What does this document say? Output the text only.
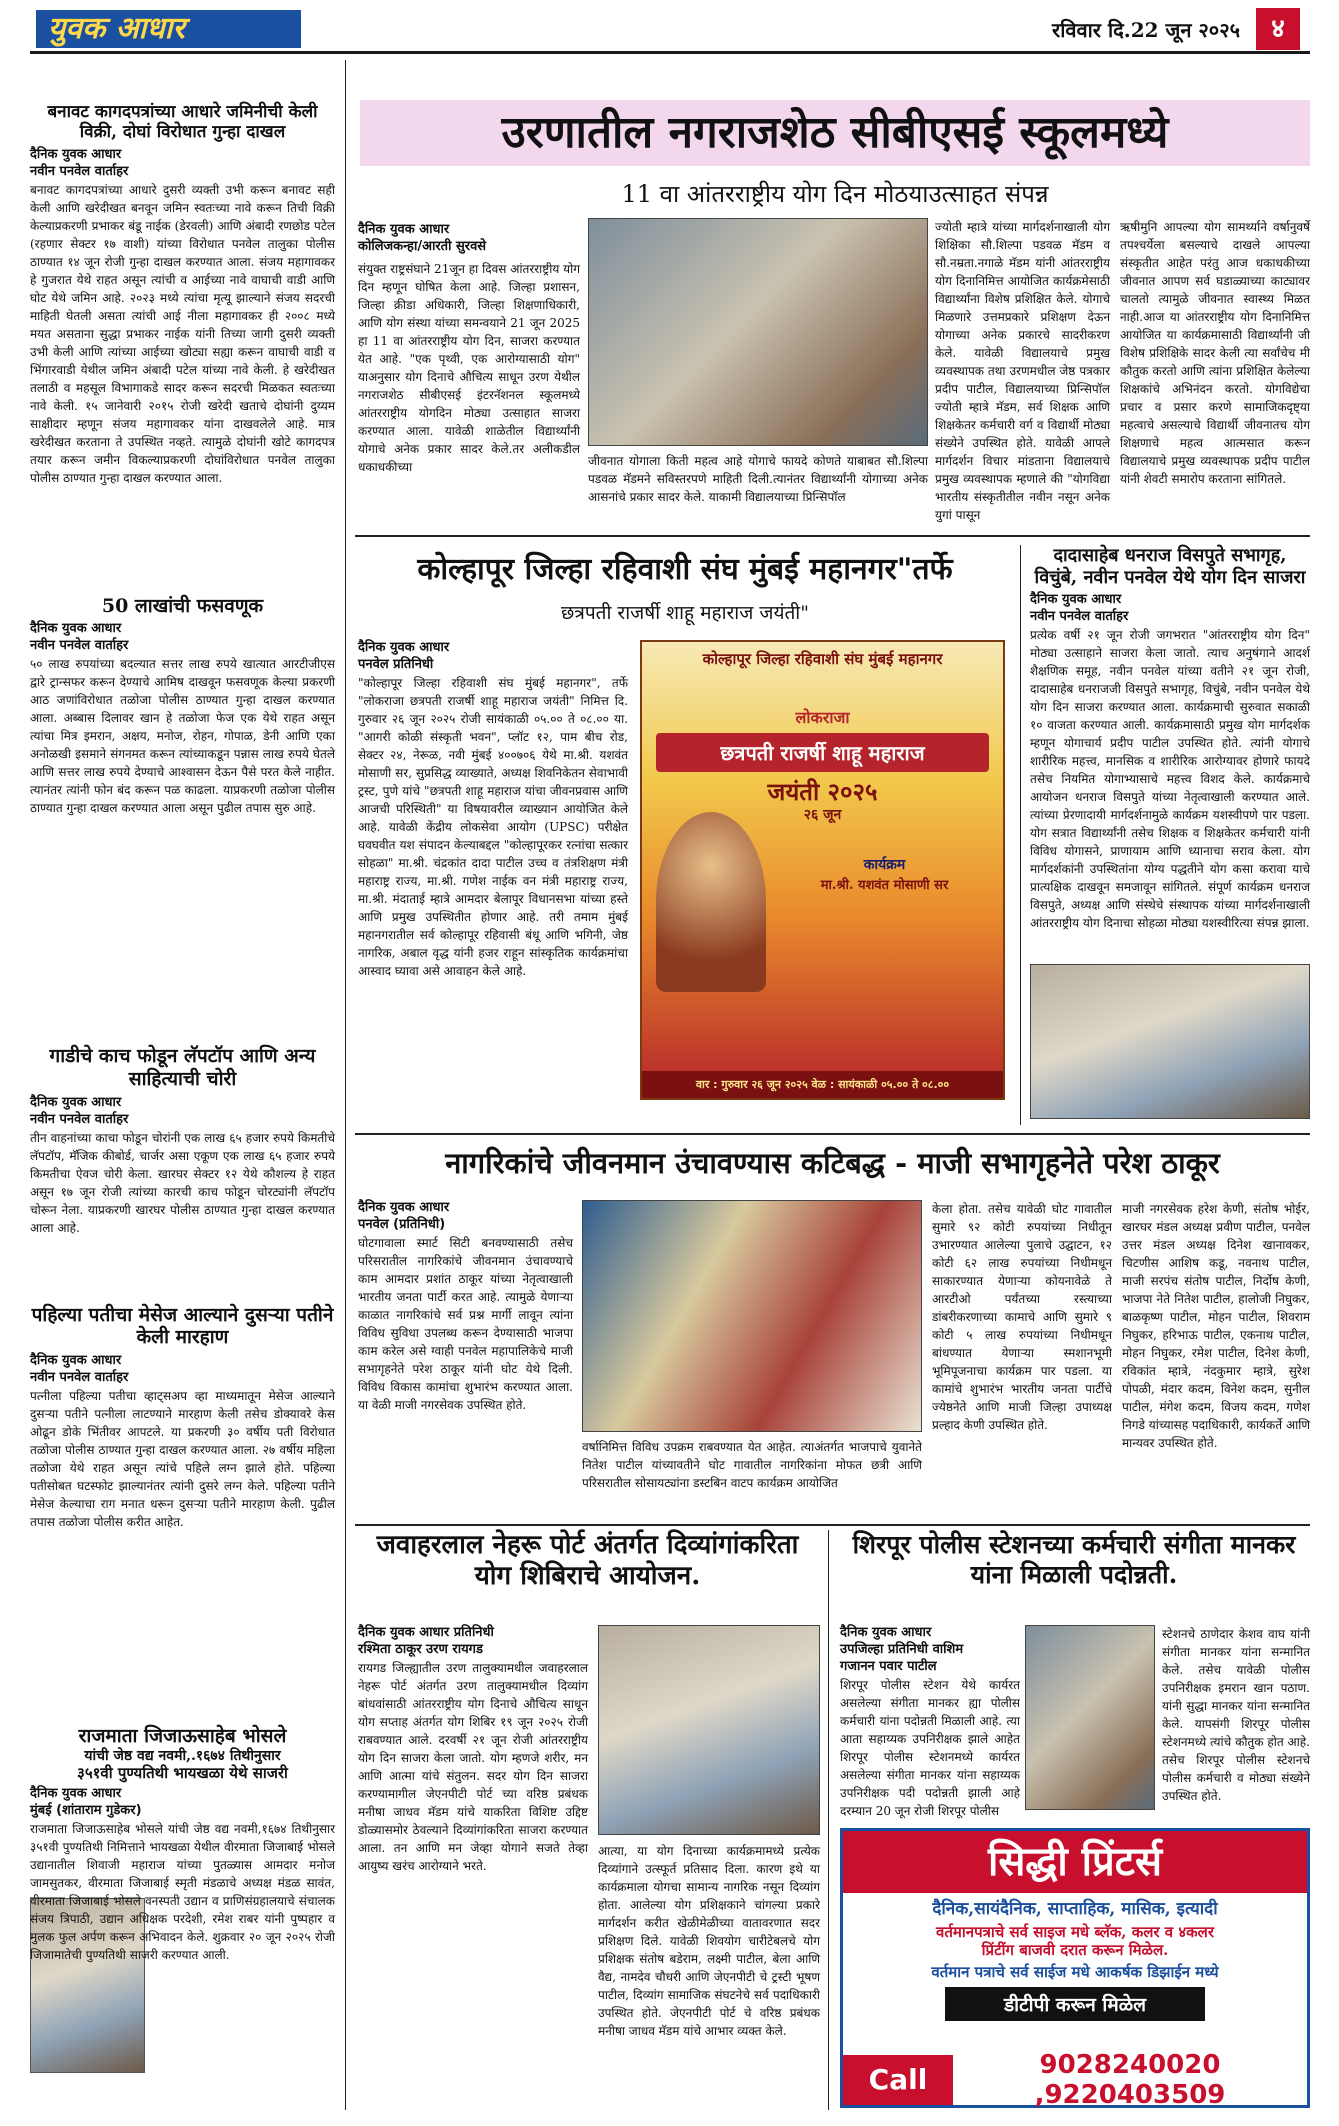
युवक आधार	रविवार दि.22 जून २०२५	४
बनावट कागदपत्रांच्या आधारे जमिनीची केली विक्री, दोघां विरोधात गुन्हा दाखल
दैनिक युवक आधार
नवीन पनवेल वार्ताहर
बनावट कागदपत्रांच्या आधारे दुसरी व्यक्ती उभी करून बनावट सही केली आणि खरेदीखत बनवून जमिन स्वतःच्या नावे करून तिची विक्री केल्याप्रकरणी प्रभाकर बंडू नाईक (डेरवली) आणि अंबादी रणछोड पटेल (रहणार सेक्टर १७ वाशी) यांच्या विरोधात पनवेल तालुका पोलीस ठाण्यात १४ जून रोजी गुन्हा दाखल करण्यात आला. संजय महागावकर हे गुजरात येथे राहत असून त्यांची व आईच्या नावे वाघाची वाडी आणि घोट येथे जमिन आहे. २०२३ मध्ये त्यांचा मृत्यू झाल्याने संजय सदरची माहिती घेतली असता त्यांची आई नीला महागावकर ही २००८ मध्ये मयत असताना सुद्धा प्रभाकर नाईक यांनी तिच्या जागी दुसरी व्यक्ती उभी केली आणि त्यांच्या आईच्या खोट्या सह्या करून वाघाची वाडी व भिंगारवाडी येथील जमिन अंबादी पटेल यांच्या नावे केली. हे खरेदीखत तलाठी व महसूल विभागाकडे सादर करून सदरची मिळकत स्वतःच्या नावे केली. १५ जानेवारी २०१५ रोजी खरेदी खताचे दोघांनी दुय्यम साक्षीदार म्हणून संजय महागावकर यांना दाखवलेले आहे. मात्र खरेदीखत करताना ते उपस्थित नव्हते. त्यामुळे दोघांनी खोटे कागदपत्र तयार करून जमीन विकल्याप्रकरणी दोघांविरोधात पनवेल तालुका पोलीस ठाण्यात गुन्हा दाखल करण्यात आला.
50 लाखांची फसवणूक
दैनिक युवक आधार
नवीन पनवेल वार्ताहर
५० लाख रुपयांच्या बदल्यात सत्तर लाख रुपये खात्यात आरटीजीएस द्वारे ट्रान्सफर करून देण्याचे आमिष दाखवून फसवणूक केल्या प्रकरणी आठ जणांविरोधात तळोजा पोलीस ठाण्यात गुन्हा दाखल करण्यात आला. अब्बास दिलावर खान हे तळोजा फेज एक येथे राहत असून त्यांचा मित्र इमरान, अक्षय, मनोज, रोहन, गोपाळ, डेनी आणि एका अनोळखी इसमाने संगनमत करून त्यांच्याकडून पन्नास लाख रुपये घेतले आणि सत्तर लाख रुपये देण्याचे आश्वासन देऊन पैसे परत केले नाहीत. त्यानंतर त्यांनी फोन बंद करून पळ काढला. याप्रकरणी तळोजा पोलीस ठाण्यात गुन्हा दाखल करण्यात आला असून पुढील तपास सुरु आहे.
गाडीचे काच फोडून लॅपटॉप आणि अन्य साहित्याची चोरी
दैनिक युवक आधार
नवीन पनवेल वार्ताहर
तीन वाहनांच्या काचा फोडून चोरांनी एक लाख ६५ हजार रुपये किमतीचे लॅपटॉप, मॅजिक कीबोर्ड, चार्जर असा एकूण एक लाख ६५ हजार रुपये किमतीचा ऐवज चोरी केला. खारघर सेक्टर १२ येथे कौशल्य हे राहत असून १७ जून रोजी त्यांच्या कारची काच फोडून चोरट्यांनी लॅपटॉप चोरून नेला. याप्रकरणी खारघर पोलीस ठाण्यात गुन्हा दाखल करण्यात आला आहे.
पहिल्या पतीचा मेसेज आल्याने दुसऱ्या पतीने केली मारहाण
दैनिक युवक आधार
नवीन पनवेल वार्ताहर
पत्नीला पहिल्या पतीचा व्हाट्सअप व्हा माध्यमातून मेसेज आल्याने दुसऱ्या पतीने पत्नीला लाटण्याने मारहाण केली तसेच डोक्यावरे केस ओढून डोके भिंतीवर आपटले. या प्रकरणी ३० वर्षीय पती विरोधात तळोजा पोलीस ठाण्यात गुन्हा दाखल करण्यात आला. २७ वर्षीय महिला तळोजा येथे राहत असून त्यांचे पहिले लग्न झाले होते. पहिल्या पतीसोबत घटस्फोट झाल्यानंतर त्यांनी दुसरे लग्न केले. पहिल्या पतीने मेसेज केल्याचा राग मनात धरून दुसऱ्या पतीने मारहाण केली. पुढील तपास तळोजा पोलीस करीत आहेत.
राजमाता जिजाऊसाहेब भोसले
यांची जेष्ठ वद्य नवमी,.१६७४ तिथीनुसार
३५१वी पुण्यतिथी भायखळा येथे साजरी
दैनिक युवक आधार
मुंबई (शांताराम गुडेकर)
राजमाता जिजाऊसाहेब भोसले यांची जेष्ठ वद्य नवमी,१६७४ तिथीनुसार ३५१वी पुण्यतिथी निमित्ताने भायखळा येथील वीरमाता जिजाबाई भोसले उद्यानातील शिवाजी महाराज यांच्या पुतळ्यास आमदार मनोज जामसुतकर, वीरमाता जिजाबाई स्मृती मंडळाचे अध्यक्ष मंडळ सावंत, वीरमाता जिजाबाई भोसले वनस्पती उद्यान व प्राणिसंग्रहालयाचे संचालक संजय त्रिपाठी, उद्यान अधिक्षक परदेशी, रमेश राबर यांनी पुष्पहार व मुलक फुल अर्पण करून अभिवादन केले. शुक्रवार २० जून २०२५ रोजी जिजामातेची पुण्यतिथी साजरी करण्यात आली.
उरणातील नगराजशेठ सीबीएसई स्कूलमध्ये
11 वा आंतरराष्ट्रीय योग दिन मोठयाउत्साहत संपन्न
दैनिक युवक आधार
कोलिजकन्हा/आरती सुरवसे
संयुक्त राष्ट्रसंघाने 21जून हा दिवस आंतरराष्ट्रीय योग दिन म्हणून घोषित केला आहे. जिल्हा प्रशासन, जिल्हा क्रीडा अधिकारी, जिल्हा शिक्षणाधिकारी, आणि योग संस्था यांच्या समन्वयाने 21 जून 2025 हा 11 वा आंतरराष्ट्रीय योग दिन, साजरा करण्यात येत आहे. "एक पृथ्वी, एक आरोग्यासाठी योग" याअनुसार योग दिनाचे औचित्य साधून उरण येथील नगराजशेठ सीबीएसई इंटरनॅशनल स्कूलमध्ये आंतरराष्ट्रीय योगदिन मोठ्या उत्साहात साजरा करण्यात आला. यावेळी शाळेतील विद्यार्थ्यांनी योगाचे अनेक प्रकार सादर केले.तर अलीकडील धकाधकीच्या	जीवनात योगाला किती महत्व आहे योगाचे फायदे कोणते याबाबत सौ.शिल्पा पडवळ मॅडमने सविस्तरपणे माहिती दिली.त्यानंतर विद्यार्थ्यांनी योगाच्या अनेक आसनांचे प्रकार सादर केले. याकामी विद्यालयाच्या प्रिन्सिपॉल
ज्योती म्हात्रे यांच्या मार्गदर्शनाखाली योग शिक्षिका सौ.शिल्पा पडवळ मॅडम व सौ.नम्रता.नगाळे मॅडम यांनी आंतरराष्ट्रीय योग दिनानिमित्त आयोजित कार्यक्रमेसाठी विद्यार्थ्यांना विशेष प्रशिक्षित केले. योगाचे मिळणारे उत्तमप्रकारे प्रशिक्षण देऊन योगाच्या अनेक प्रकारचे सादरीकरण केले. यावेळी विद्यालयाचे प्रमुख व्यवस्थापक तथा उरणमधील जेष्ठ पत्रकार प्रदीप पाटील, विद्यालयाच्या प्रिन्सिपॉल ज्योती म्हात्रे मॅडम, सर्व शिक्षक आणि शिक्षकेतर कर्मचारी वर्ग व विद्यार्थी मोठ्या संख्येने उपस्थित होते. यावेळी आपले मार्गदर्शन विचार मांडताना विद्यालयाचे प्रमुख व्यवस्थापक म्हणाले की "योगविद्या भारतीय संस्कृतीतील नवीन नसून अनेक युगां पासून
ऋषीमुनि आपल्या योग सामर्थ्याने वर्षानुवर्षे तपश्चर्येला बसल्याचे दाखले आपल्या संस्कृतीत आहेत परंतु आज धकाधकीच्या जीवनात आपण सर्व घडाळ्याच्या काट्यावर चालतो त्यामुळे जीवनात स्वास्थ्य मिळत नाही.आज या आंतरराष्ट्रीय योग दिनानिमित्त आयोजित या कार्यक्रमासाठी विद्यार्थ्यांनी जी विशेष प्रशिक्षिके सादर केली त्या सर्वांचेच मी कौतुक करतो आणि त्यांना प्रशिक्षित केलेल्या शिक्षकांचे अभिनंदन करतो. योगविद्येचा प्रचार व प्रसार करणे सामाजिकदृष्ट्या महत्वाचे असल्याचे विद्यार्थी जीवनातच योग शिक्षणाचे महत्व आत्मसात करून विद्यालयाचे प्रमुख व्यवस्थापक प्रदीप पाटील यांनी शेवटी समारोप करताना सांगितले.
कोल्हापूर जिल्हा रहिवाशी संघ मुंबई महानगर"तर्फे
छत्रपती राजर्षी शाहू महाराज जयंती"
दैनिक युवक आधार
पनवेल प्रतिनिधी
"कोल्हापूर जिल्हा रहिवाशी संघ मुंबई महानगर", तर्फे "लोकराजा छत्रपती राजर्षी शाहू महाराज जयंती" निमित्त दि. गुरुवार २६ जून २०२५ रोजी सायंकाळी ०५.०० ते ०८.०० या. "आगरी कोळी संस्कृती भवन", प्लॉट १२, पाम बीच रोड, सेक्टर २४, नेरूळ, नवी मुंबई ४००७०६ येथे मा.श्री. यशवंत मोसाणी सर, सुप्रसिद्ध व्याख्याते, अध्यक्ष शिवनिकेतन सेवाभावी ट्रस्ट, पुणे यांचे "छत्रपती शाहू महाराज यांचा जीवनप्रवास आणि आजची परिस्थिती" या विषयावरील व्याख्यान आयोजित केले आहे. यावेळी केंद्रीय लोकसेवा आयोग (UPSC) परीक्षेत घवघवीत यश संपादन केल्याबद्दल "कोल्हापूरकर रत्नांचा सत्कार सोहळा" मा.श्री. चंद्रकांत दादा पाटील उच्च व तंत्रशिक्षण मंत्री महाराष्ट्र राज्य, मा.श्री. गणेश नाईक वन मंत्री महाराष्ट्र राज्य, मा.श्री. मंदाताई म्हात्रे आमदार बेलापूर विधानसभा यांच्या हस्ते आणि प्रमुख उपस्थितीत होणार आहे. तरी तमाम मुंबई महानगरातील सर्व कोल्हापूर रहिवासी बंधू आणि भगिनी, जेष्ठ नागरिक, अबाल वृद्ध यांनी हजर राहून सांस्कृतिक कार्यक्रमांचा आस्वाद घ्यावा असे आवाहन केले आहे.
कोल्हापूर जिल्हा रहिवाशी संघ मुंबई महानगर
लोकराजा
छत्रपती राजर्षी शाहू महाराज
जयंती २०२५
२६ जून
कार्यक्रम
मा.श्री. यशवंत मोसाणी सर
वार : गुरुवार २६ जून २०२५ वेळ : सायंकाळी ०५.०० ते ०८.००
दादासाहेब धनराज विसपुते सभागृह, विचुंबे, नवीन पनवेल येथे योग दिन साजरा
दैनिक युवक आधार
नवीन पनवेल वार्ताहर
प्रत्येक वर्षी २१ जून रोजी जगभरात "आंतरराष्ट्रीय योग दिन" मोठ्या उत्साहाने साजरा केला जातो. त्याच अनुषंगाने आदर्श शैक्षणिक समूह, नवीन पनवेल यांच्या वतीने २१ जून रोजी, दादासाहेब धनराजजी विसपुते सभागृह, विचुंबे, नवीन पनवेल येथे योग दिन साजरा करण्यात आला. कार्यक्रमाची सुरुवात सकाळी १० वाजता करण्यात आली. कार्यक्रमासाठी प्रमुख योग मार्गदर्शक म्हणून योगाचार्य प्रदीप पाटील उपस्थित होते. त्यांनी योगाचे शारीरिक महत्त्व, मानसिक व शारीरिक आरोग्यावर होणारे फायदे तसेच नियमित योगाभ्यासाचे महत्त्व विशद केले. कार्यक्रमाचे आयोजन धनराज विसपुते यांच्या नेतृत्वाखाली करण्यात आले. त्यांच्या प्रेरणादायी मार्गदर्शनामुळे कार्यक्रम यशस्वीपणे पार पडला. योग सत्रात विद्यार्थ्यांनी तसेच शिक्षक व शिक्षकेतर कर्मचारी यांनी विविध योगासने, प्राणायाम आणि ध्यानाचा सराव केला. योग मार्गदर्शकांनी उपस्थितांना योग्य पद्धतीने योग कसा करावा याचे प्रात्यक्षिक दाखवून समजावून सांगितले. संपूर्ण कार्यक्रम धनराज विसपुते, अध्यक्ष आणि संस्थेचे संस्थापक यांच्या मार्गदर्शनाखाली आंतरराष्ट्रीय योग दिनाचा सोहळा मोठ्या यशस्वीरित्या संपन्न झाला.
नागरिकांचे जीवनमान उंचावण्यास कटिबद्ध - माजी सभागृहनेते परेश ठाकूर
दैनिक युवक आधार
पनवेल (प्रतिनिधी)
घोटगावाला स्मार्ट सिटी बनवण्यासाठी तसेच परिसरातील नागरिकांचे जीवनमान उंचावण्याचे काम आमदार प्रशांत ठाकूर यांच्या नेतृत्वाखाली भारतीय जनता पार्टी करत आहे. त्यामुळे येणाऱ्या काळात नागरिकांचे सर्व प्रश्न मार्गी लावून त्यांना विविध सुविधा उपलब्ध करून देण्यासाठी भाजपा काम करेल असे ग्वाही पनवेल महापालिकेचे माजी सभागृहनेते परेश ठाकूर यांनी घोट येथे दिली. विविध विकास कामांचा शुभारंभ करण्यात आला. या वेळी माजी नगरसेवक उपस्थित होते.
वर्षानिमित्त विविध उपक्रम राबवण्यात येत आहेत. त्याअंतर्गत भाजपाचे युवानेते नितेश पाटील यांच्यावतीने घोट गावातील नागरिकांना मोफत छत्री आणि परिसरातील सोसायट्यांना डस्टबिन वाटप कार्यक्रम आयोजित
केला होता. तसेच यावेळी घोट गावातील सुमारे ९२ कोटी रुपयांच्या निधीतून उभारण्यात आलेल्या पुलाचे उद्घाटन, १२ कोटी ६२ लाख रुपयांच्या निधीमधून साकारण्यात येणाऱ्या कोयनावेळे ते आरटीओ पर्यंतच्या रस्त्याच्या डांबरीकरणाच्या कामाचे आणि सुमारे ९ कोटी ५ लाख रुपयांच्या निधीमधून बांधण्यात येणाऱ्या स्मशानभूमी भूमिपूजनाचा कार्यक्रम पार पडला. या कामांचे शुभारंभ भारतीय जनता पार्टीचे ज्येष्ठनेते आणि माजी जिल्हा उपाध्यक्ष प्रल्हाद केणी उपस्थित होते.
माजी नगरसेवक हरेश केणी, संतोष भोईर, खारघर मंडल अध्यक्ष प्रवीण पाटील, पनवेल उत्तर मंडल अध्यक्ष दिनेश खानावकर, चिटणीस आशिष कडू, नवनाथ पाटील, माजी सरपंच संतोष पाटील, निर्दोष केणी, भाजपा नेते नितेश पाटील, हालोजी निघुकर, बाळकृष्ण पाटील, मोहन पाटील, शिवराम निघुकर, हरिभाऊ पाटील, एकनाथ पाटील, मोहन निघुकर, रमेश पाटील, दिनेश केणी, रविकांत म्हात्रे, नंदकुमार म्हात्रे, सुरेश पोपळी, मंदार कदम, विनेश कदम, सुनील पाटील, मंगेश कदम, विजय कदम, गणेश निगडे यांच्यासह पदाधिकारी, कार्यकर्ते आणि मान्यवर उपस्थित होते.
जवाहरलाल नेहरू पोर्ट अंतर्गत दिव्यांगांकरिता योग शिबिराचे आयोजन.
दैनिक युवक आधार प्रतिनिधी
रश्मिता ठाकूर उरण रायगड
रायगड जिल्ह्यातील उरण तालुक्यामधील जवाहरलाल नेहरू पोर्ट अंतर्गत उरण तालुक्यामधील दिव्यांग बांधवांसाठी आंतरराष्ट्रीय योग दिनाचे औचित्य साधून योग सप्ताह अंतर्गत योग शिबिर १९ जून २०२५ रोजी राबवण्यात आले. दरवर्षी २१ जून रोजी आंतरराष्ट्रीय योग दिन साजरा केला जातो. योग म्हणजे शरीर, मन आणि आत्मा यांचे संतुलन. सदर योग दिन साजरा करण्यामागील जेएनपीटी पोर्ट च्या वरिष्ठ प्रबंधक मनीषा जाधव मॅडम यांचे याकरिता विशिष्ट उद्दिष्ट डोळ्यासमोर ठेवल्याने दिव्यांगांकरिता साजरा करण्यात आला. तन आणि मन जेव्हा योगाने सजते तेव्हा आयुष्य खरंच आरोग्याने भरते.
आत्या, या योग दिनाच्या कार्यक्रमामध्ये प्रत्येक दिव्यांगाने उत्स्फूर्त प्रतिसाद दिला. कारण इथे या कार्यक्रमाला योगचा सामान्य नागरिक नसून दिव्यांग होता. आलेल्या योग प्रशिक्षकाने चांगल्या प्रकारे मार्गदर्शन करीत खेळीमेळीच्या वातावरणात सदर प्रशिक्षण दिले. यावेळी शिवयोग चारीटेबलचे योग प्रशिक्षक संतोष बडेराम, लक्ष्मी पाटील, बेला आणि वैद्य, नामदेव चौधरी आणि जेएनपीटी चे ट्रस्टी भूषण पाटील, दिव्यांग सामाजिक संघटनेचे सर्व पदाधिकारी उपस्थित होते. जेएनपीटी पोर्ट चे वरिष्ठ प्रबंधक मनीषा जाधव मॅडम यांचे आभार व्यक्त केले.
शिरपूर पोलीस स्टेशनच्या कर्मचारी संगीता मानकर यांना मिळाली पदोन्नती.
दैनिक युवक आधार
उपजिल्हा प्रतिनिधी वाशिम
गजानन पवार पाटील
शिरपूर पोलीस स्टेशन येथे कार्यरत असलेल्या संगीता मानकर ह्या पोलीस कर्मचारी यांना पदोन्नती मिळाली आहे. त्या आता सहाय्यक उपनिरीक्षक झाले आहेत शिरपूर पोलीस स्टेशनमध्ये कार्यरत असलेल्या संगीता मानकर यांना सहाय्यक उपनिरीक्षक पदी पदोन्नती झाली आहे दरम्यान 20 जून रोजी शिरपूर पोलीस
स्टेशनचे ठाणेदार केशव वाघ यांनी संगीता मानकर यांना सन्मानित केले. तसेच यावेळी पोलीस उपनिरीक्षक इमरान खान पठाण. यांनी सुद्धा मानकर यांना सन्मानित केले. यापसंगी शिरपूर पोलीस स्टेशनमध्ये त्यांचे कौतुक होत आहे. तसेच शिरपूर पोलीस स्टेशनचे पोलीस कर्मचारी व मोठ्या संख्येने उपस्थित होते.
सिद्धी प्रिंटर्स
दैनिक,सायंदैनिक, साप्ताहिक, मासिक, इत्यादी
वर्तमानपत्राचे सर्व साइज मधे ब्लॅक, कलर व ४कलर
प्रिंटींग बाजवी दरात करून मिळेल.
वर्तमान पत्राचे सर्व साईज मधे आकर्षक डिझाईन मध्ये
डीटीपी करून मिळेल
Call	9028240020 ,9220403509
